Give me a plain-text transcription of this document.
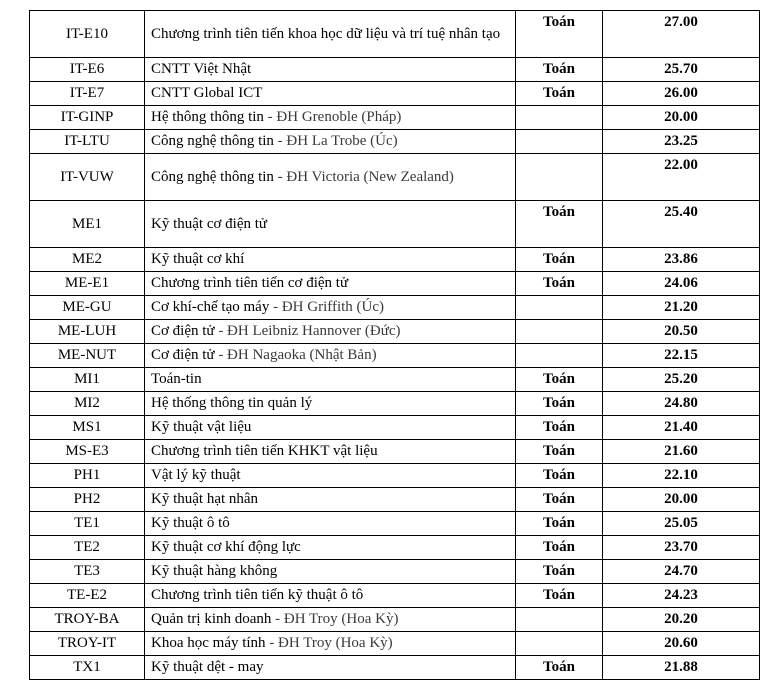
IT-E10	Chương trình tiên tiến khoa học dữ liệu và trí tuệ nhân tạo	Toán	27.00
IT-E6	CNTT Việt Nhật	Toán	25.70
IT-E7	CNTT Global ICT	Toán	26.00
IT-GINP	Hệ thông thông tin - ĐH Grenoble (Pháp)		20.00
IT-LTU	Công nghệ thông tin - ĐH La Trobe (Úc)		23.25
IT-VUW	Công nghệ thông tin - ĐH Victoria (New Zealand)		22.00
ME1	Kỹ thuật cơ điện tử	Toán	25.40
ME2	Kỹ thuật cơ khí	Toán	23.86
ME-E1	Chương trình tiên tiến cơ điện tử	Toán	24.06
ME-GU	Cơ khí-chế tạo máy - ĐH Griffith (Úc)		21.20
ME-LUH	Cơ điện tử - ĐH Leibniz Hannover (Đức)		20.50
ME-NUT	Cơ điện tử - ĐH Nagaoka (Nhật Bản)		22.15
MI1	Toán-tin	Toán	25.20
MI2	Hệ thống thông tin quản lý	Toán	24.80
MS1	Kỹ thuật vật liệu	Toán	21.40
MS-E3	Chương trình tiên tiến KHKT vật liệu	Toán	21.60
PH1	Vật lý kỹ thuật	Toán	22.10
PH2	Kỹ thuật hạt nhân	Toán	20.00
TE1	Kỹ thuật ô tô	Toán	25.05
TE2	Kỹ thuật cơ khí động lực	Toán	23.70
TE3	Kỹ thuật hàng không	Toán	24.70
TE-E2	Chương trình tiên tiến kỹ thuật ô tô	Toán	24.23
TROY-BA	Quản trị kinh doanh - ĐH Troy (Hoa Kỳ)		20.20
TROY-IT	Khoa học máy tính - ĐH Troy (Hoa Kỳ)		20.60
TX1	Kỹ thuật dệt - may	Toán	21.88
